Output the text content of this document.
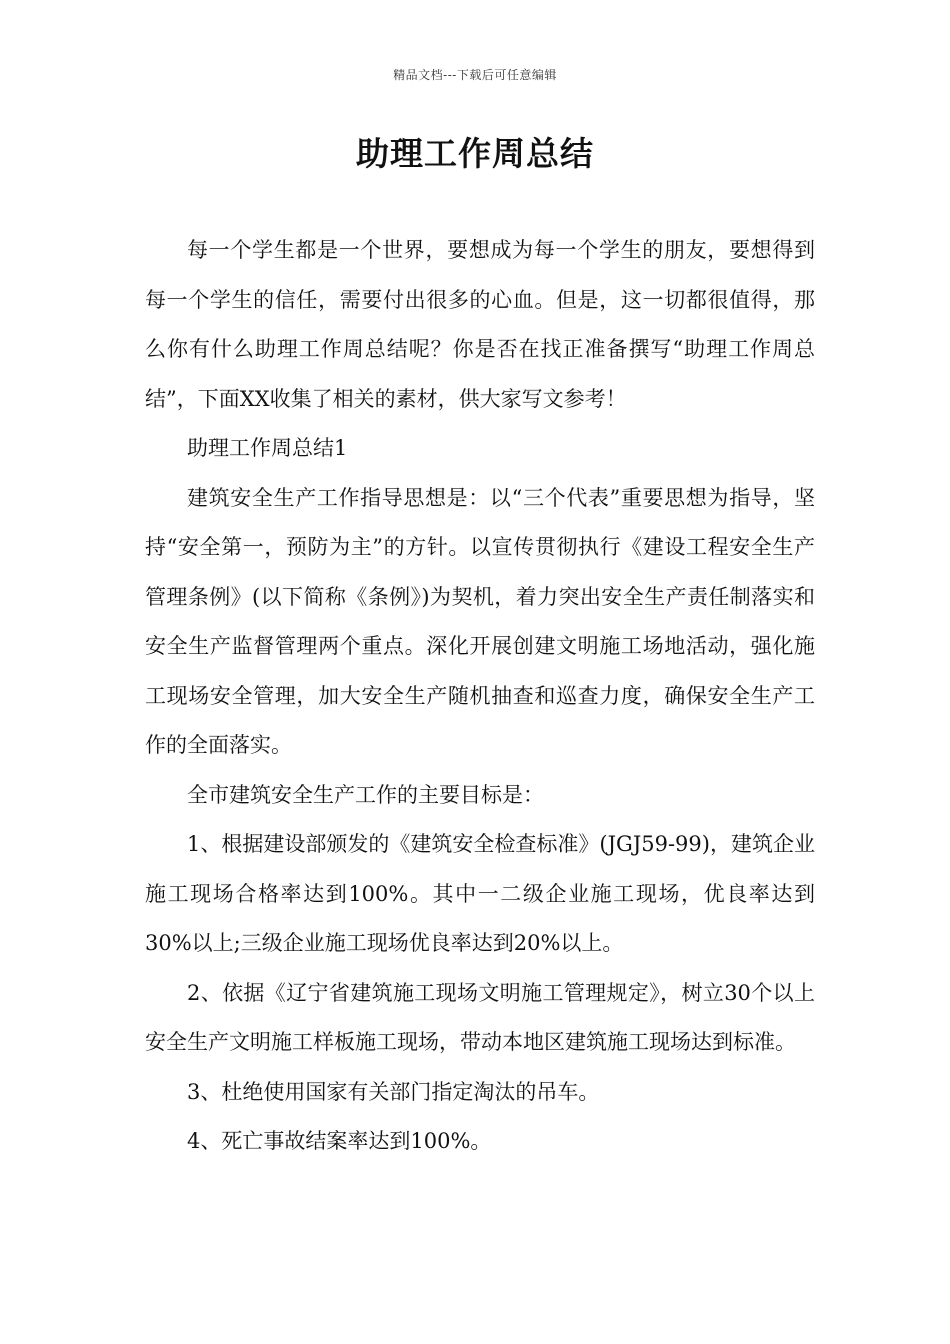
精品文档---下载后可任意编辑
助理工作周总结

每一个学生都是一个世界，要想成为每一个学生的朋友，要想得到每一个学生的信任，需要付出很多的心血。但是，这一切都很值得，那么你有什么助理工作周总结呢？你是否在找正准备撰写“助理工作周总结”，下面XX收集了相关的素材，供大家写文参考！

助理工作周总结1

建筑安全生产工作指导思想是：以“三个代表”重要思想为指导，坚持“安全第一，预防为主”的方针。以宣传贯彻执行《建设工程安全生产管理条例》(以下简称《条例》)为契机，着力突出安全生产责任制落实和安全生产监督管理两个重点。深化开展创建文明施工场地活动，强化施工现场安全管理，加大安全生产随机抽查和巡查力度，确保安全生产工作的全面落实。

全市建筑安全生产工作的主要目标是：

1、根据建设部颁发的《建筑安全检查标准》(JGJ59-99)，建筑企业施工现场合格率达到100%。其中一二级企业施工现场，优良率达到30%以上;三级企业施工现场优良率达到20%以上。

2、依据《辽宁省建筑施工现场文明施工管理规定》，树立30个以上安全生产文明施工样板施工现场，带动本地区建筑施工现场达到标准。

3、杜绝使用国家有关部门指定淘汰的吊车。

4、死亡事故结案率达到100%。
